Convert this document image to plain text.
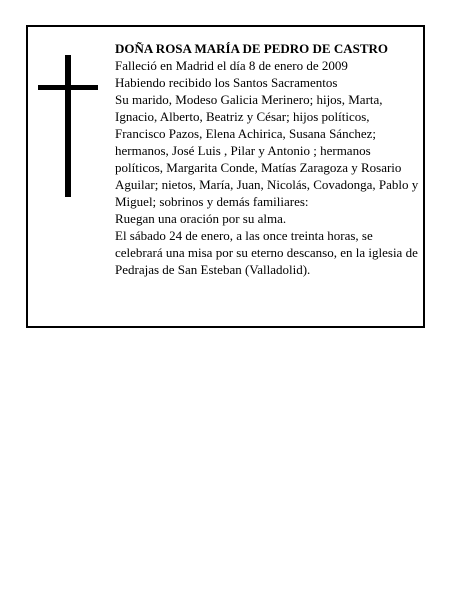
DOÑA ROSA MARÍA DE PEDRO DE CASTRO

Falleció en Madrid el día 8 de enero de 2009

Habiendo recibido los Santos Sacramentos

Su marido, Modeso Galicia Merinero; hijos, Marta, Ignacio, Alberto, Beatriz y César; hijos políticos, Francisco Pazos, Elena Achirica, Susana Sánchez; hermanos, José Luis , Pilar y Antonio ; hermanos políticos, Margarita Conde, Matías Zaragoza y Rosario Aguilar; nietos, María, Juan, Nicolás, Covadonga, Pablo y Miguel; sobrinos y demás familiares:

Ruegan una oración por su alma.

El sábado 24 de enero, a las once treinta horas, se celebrará una misa por su eterno descanso, en la iglesia de Pedrajas de San Esteban (Valladolid).
